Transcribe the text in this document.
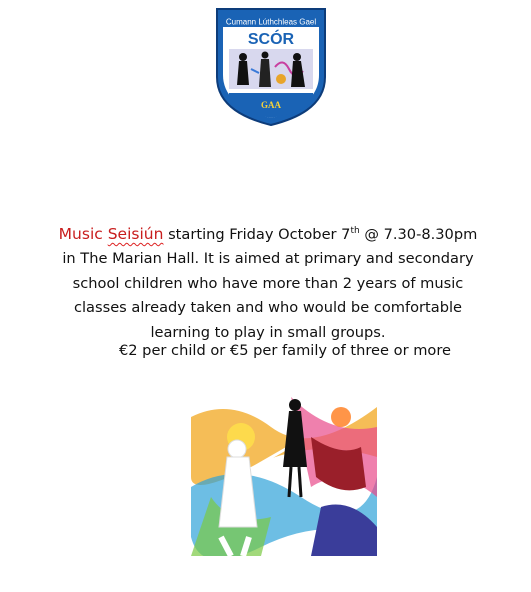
Cumann Lúthchleas Gael
SCÓR
GAA
Music Seisiún starting Friday October 7th @ 7.30-8.30pm in The Marian Hall. It is aimed at primary and secondary school children who have more than 2 years of music classes already taken and who would be comfortable learning to play in small groups.
€2 per child or €5 per family of three or more
